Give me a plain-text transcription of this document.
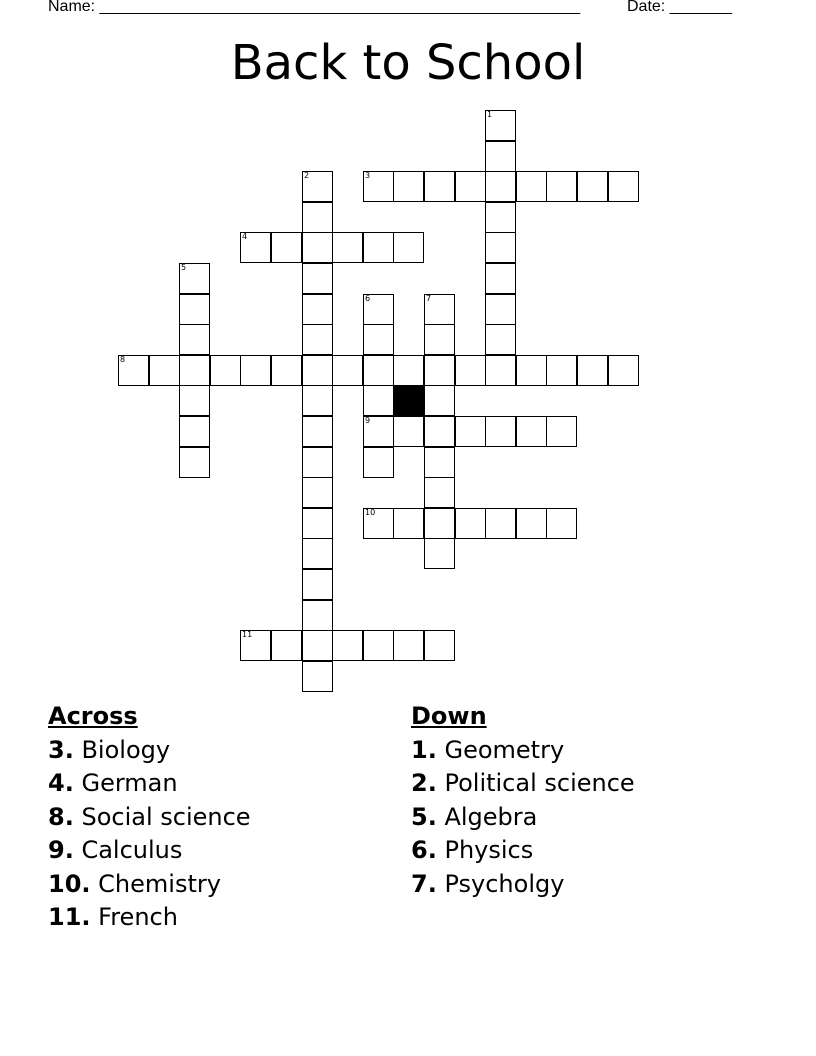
Name: ______________________________________________________	Date: _______
Back to School
1
2	3
4
5
6
9
7
8
10
11
Across
3. Biology
4. German
8. Social science
9. Calculus
10. Chemistry
11. French
Down
1. Geometry
2. Political science
5. Algebra
6. Physics
7. Psycholgy
